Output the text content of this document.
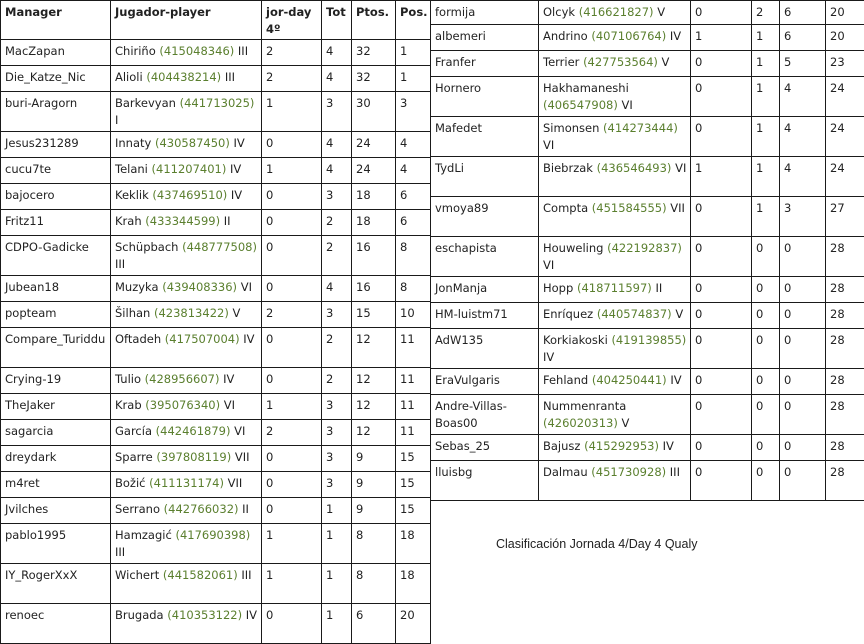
Manager	Jugador-player	jor-day 4º	Tot	Ptos.	Pos.
MacZapan	Chiriño (415048346) III	2	4	32	1
Die_Katze_Nic	Alioli (404438214) III	2	4	32	1
buri-Aragorn	Barkevyan (441713025) I	1	3	30	3
Jesus231289	Innaty (430587450) IV	0	4	24	4
cucu7te	Telani (411207401) IV	1	4	24	4
bajocero	Keklik (437469510) IV	0	3	18	6
Fritz11	Krah (433344599) II	0	2	18	6
CDPO-Gadicke	Schüpbach (448777508) III	0	2	16	8
Jubean18	Muzyka (439408336) VI	0	4	16	8
popteam	Šilhan (423813422) V	2	3	15	10
Compare_Turiddu	Oftadeh (417507004) IV	0	2	12	11
Crying-19	Tulio (428956607) IV	0	2	12	11
TheJaker	Krab (395076340) VI	1	3	12	11
sagarcia	García (442461879) VI	2	3	12	11
dreydark	Sparre (397808119) VII	0	3	9	15
m4ret	Božić (411131174) VII	0	3	9	15
Jvilches	Serrano (442766032) II	0	1	9	15
pablo1995	Hamzagić (417690398) III	1	1	8	18
IY_RogerXxX	Wichert (441582061) III	1	1	8	18
renoec	Brugada (410353122) IV	0	1	6	20
formija	Olcyk (416621827) V	0	2	6	20
albemeri	Andrino (407106764) IV	1	1	6	20
Franfer	Terrier (427753564) V	0	1	5	23
Hornero	Hakhamaneshi (406547908) VI	0	1	4	24
Mafedet	Simonsen (414273444) VI	0	1	4	24
TydLi	Biebrzak (436546493) VI	1	1	4	24
vmoya89	Compta (451584555) VII	0	1	3	27
eschapista	Houweling (422192837) VI	0	0	0	28
JonManja	Hopp (418711597) II	0	0	0	28
HM-luistm71	Enríquez (440574837) V	0	0	0	28
AdW135	Korkiakoski (419139855) IV	0	0	0	28
EraVulgaris	Fehland (404250441) IV	0	0	0	28
Andre-Villas-Boas00	Nummenranta (426020313) V	0	0	0	28
Sebas_25	Bajusz (415292953) IV	0	0	0	28
lluisbg	Dalmau (451730928) III	0	0	0	28
Clasificación Jornada 4/Day 4 Qualy
